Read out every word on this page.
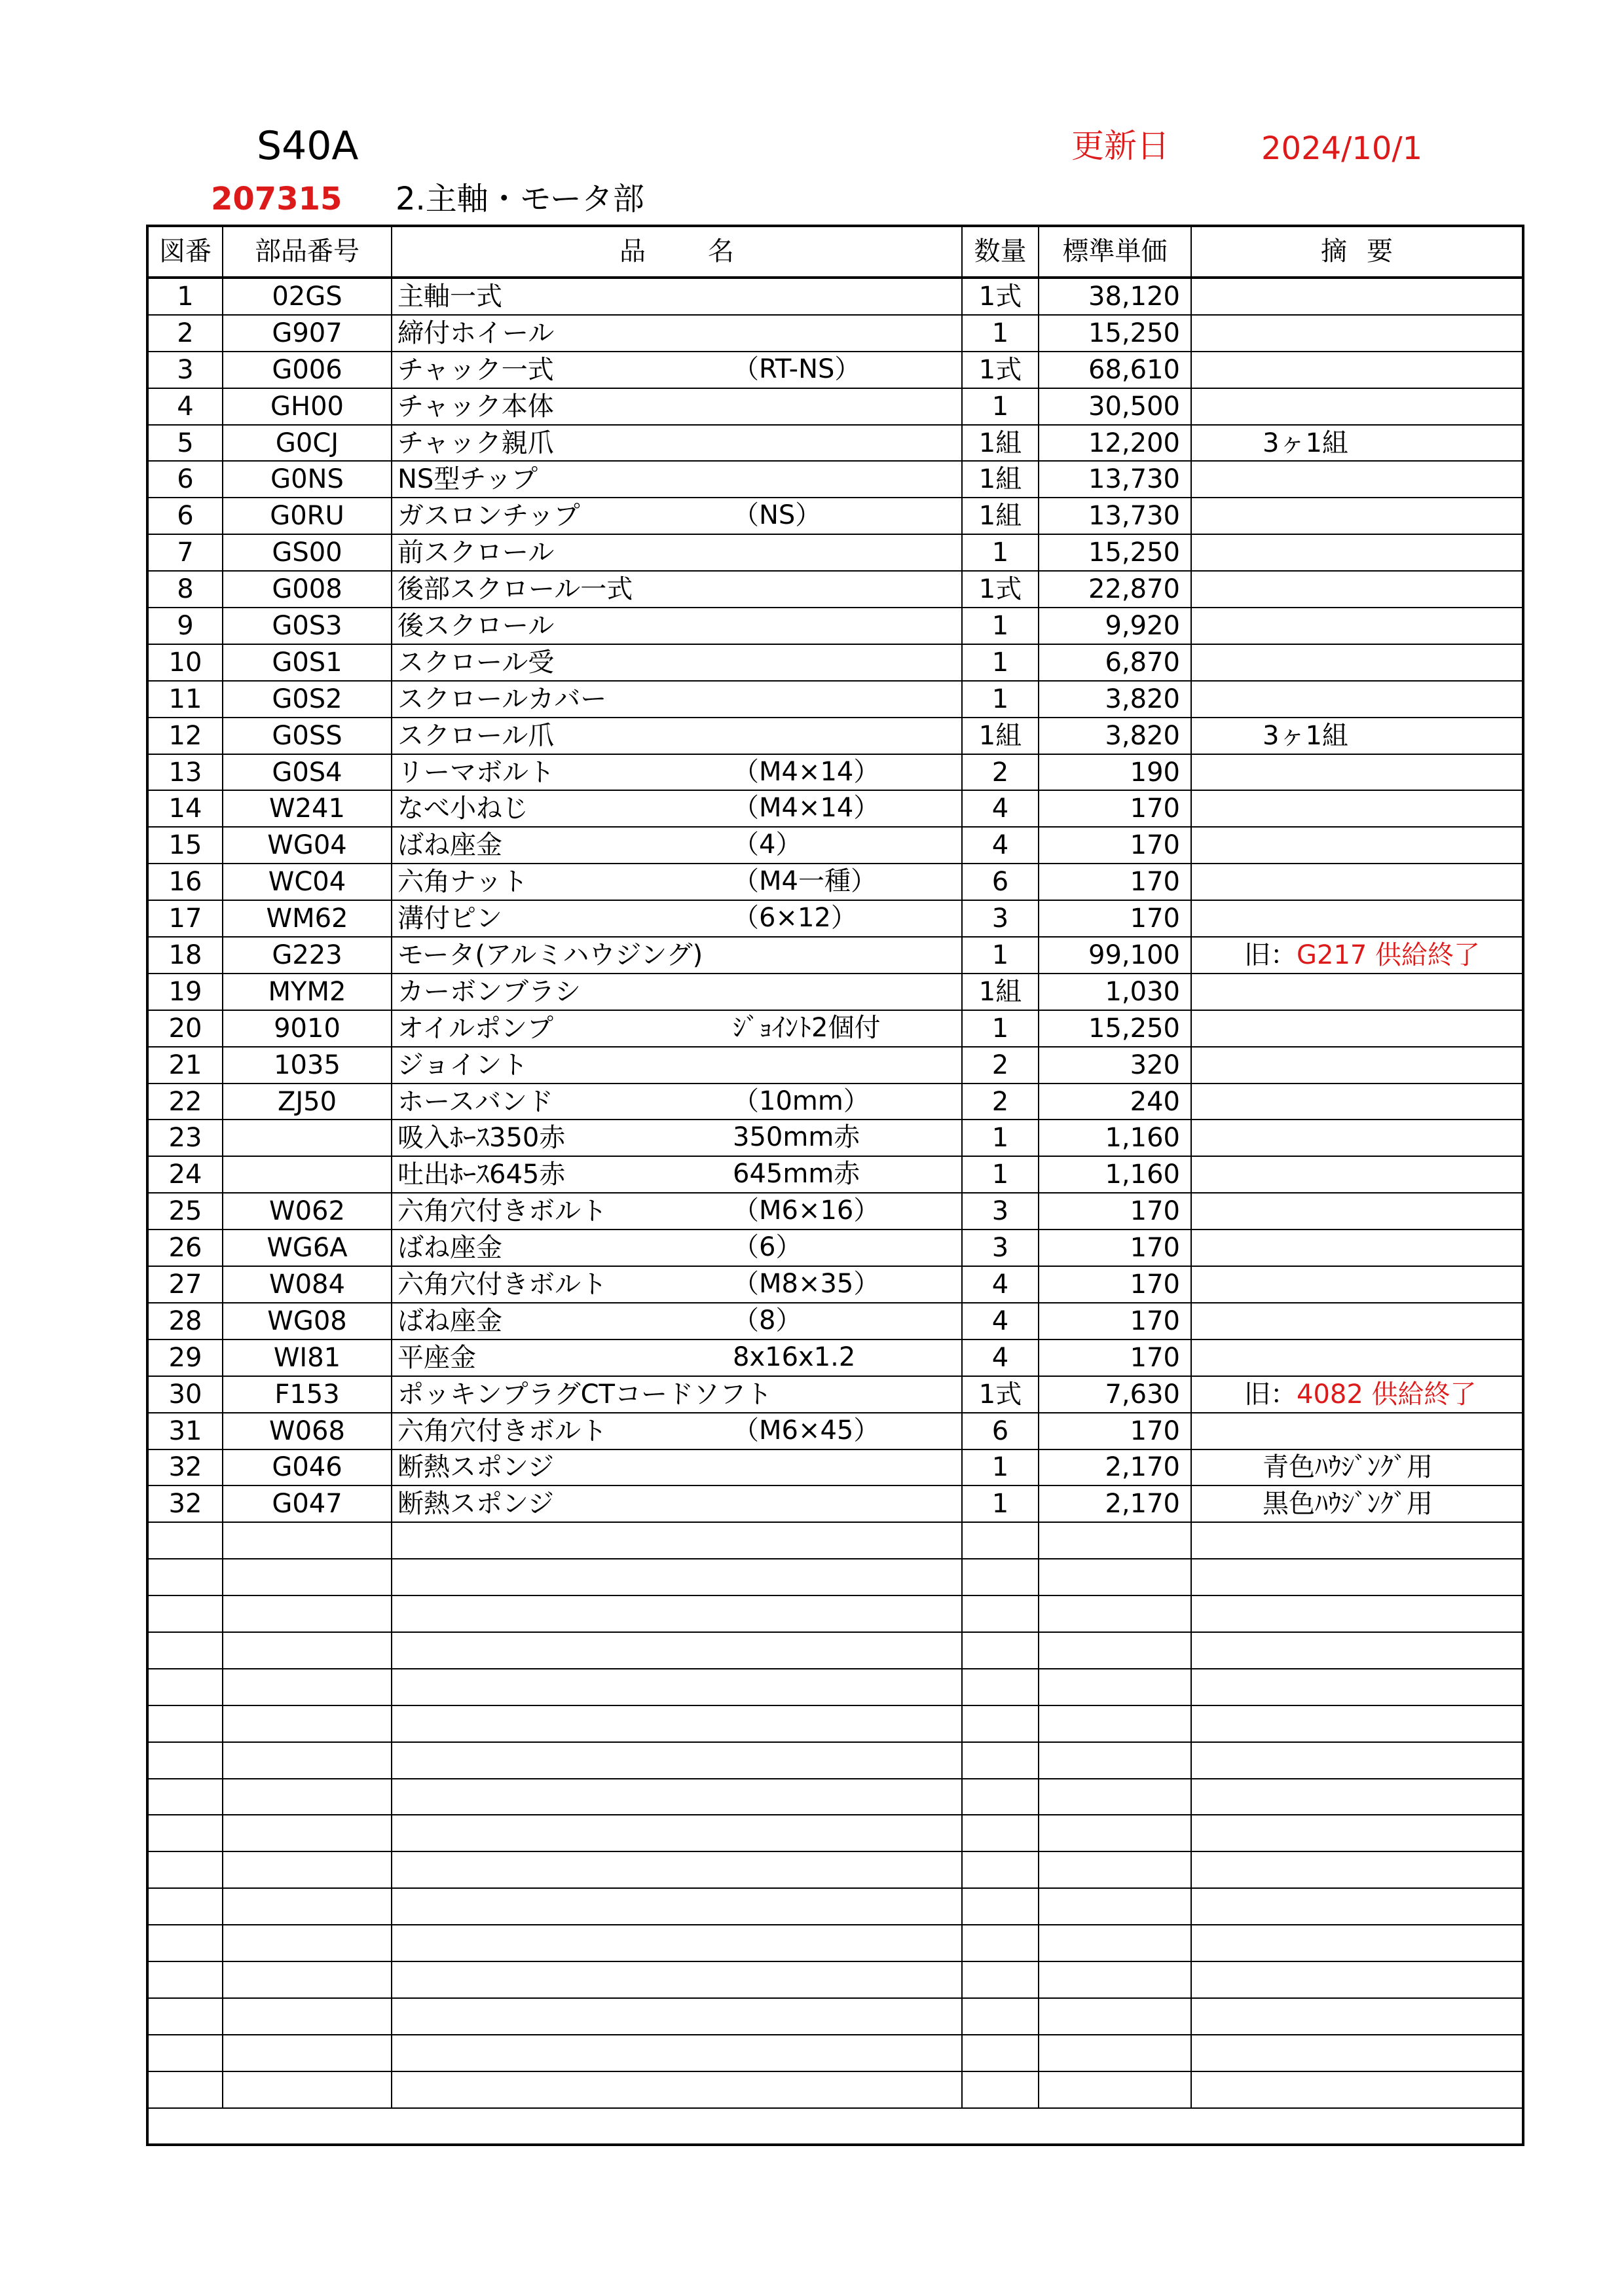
S40A	更新日	2024/10/1
207315 2.主軸・モータ部
図番	部品番号	品 名	数量	標準単価	摘 要
1	02GS	主軸一式	1式	38,120	
2	G907	締付ホイール	1	15,250	
3	G006	チャック一式 （RT-NS）	1式	68,610	
4	GH00	チャック本体	1	30,500	
5	G0CJ	チャック親爪	1組	12,200	3ヶ1組
6	G0NS	NS型チップ	1組	13,730	
6	G0RU	ガスロンチップ （NS）	1組	13,730	
7	GS00	前スクロール	1	15,250	
8	G008	後部スクロール一式	1式	22,870	
9	G0S3	後スクロール	1	9,920	
10	G0S1	スクロール受	1	6,870	
11	G0S2	スクロールカバー	1	3,820	
12	G0SS	スクロール爪	1組	3,820	3ヶ1組
13	G0S4	リーマボルト （M4×14）	2	190	
14	W241	なべ小ねじ （M4×14）	4	170	
15	WG04	ばね座金 （4）	4	170	
16	WC04	六角ナット （M4一種）	6	170	
17	WM62	溝付ピン （6×12）	3	170	
18	G223	モータ(アルミハウジング)	1	99,100	旧：G217 供給終了
19	MYM2	カーボンブラシ	1組	1,030	
20	9010	オイルポンプ ｼﾞｮｲﾝﾄ2個付	1	15,250	
21	1035	ジョイント	2	320	
22	ZJ50	ホースバンド （10mm）	2	240	
23		吸入ﾎｰｽ350赤 350mm赤	1	1,160	
24		吐出ﾎｰｽ645赤 645mm赤	1	1,160	
25	W062	六角穴付きボルト （M6×16）	3	170	
26	WG6A	ばね座金 （6）	3	170	
27	W084	六角穴付きボルト （M8×35）	4	170	
28	WG08	ばね座金 （8）	4	170	
29	WI81	平座金 8x16x1.2	4	170	
30	F153	ポッキンプラグCTコードソフト	1式	7,630	旧：4082 供給終了
31	W068	六角穴付きボルト （M6×45）	6	170	
32	G046	断熱スポンジ	1	2,170	青色ﾊｳｼﾞﾝｸﾞ用
32	G047	断熱スポンジ	1	2,170	黒色ﾊｳｼﾞﾝｸﾞ用
